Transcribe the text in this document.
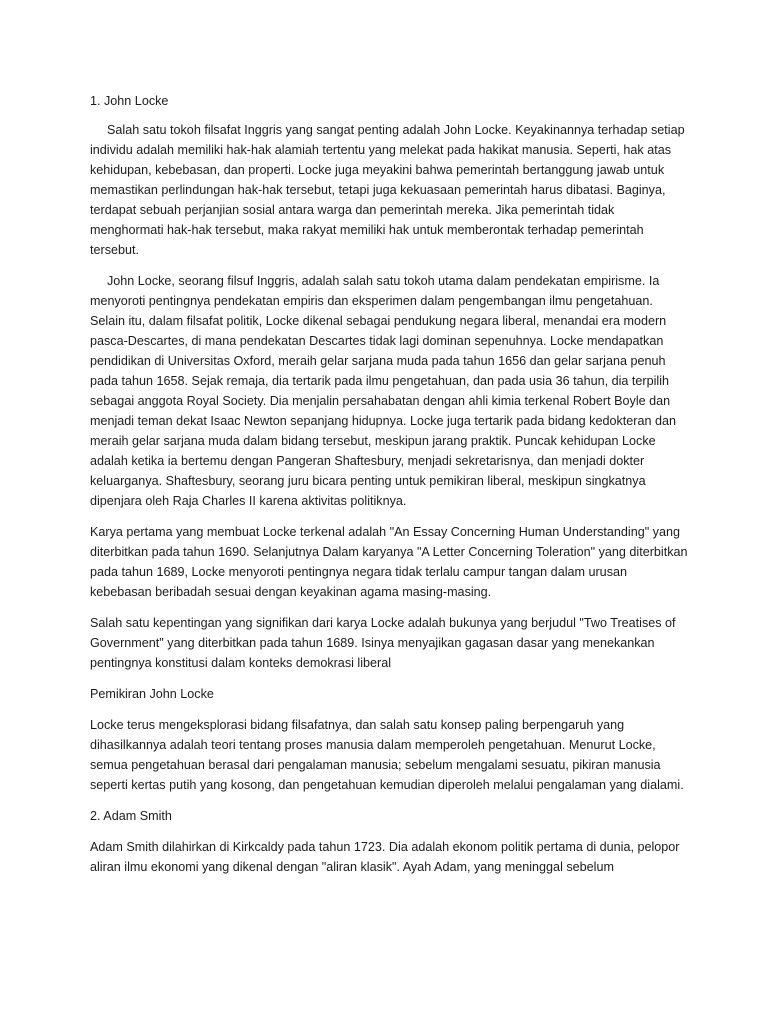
1. John Locke

Salah satu tokoh filsafat Inggris yang sangat penting adalah John Locke. Keyakinannya terhadap setiap individu adalah memiliki hak-hak alamiah tertentu yang melekat pada hakikat manusia. Seperti, hak atas kehidupan, kebebasan, dan properti. Locke juga meyakini bahwa pemerintah bertanggung jawab untuk memastikan perlindungan hak-hak tersebut, tetapi juga kekuasaan pemerintah harus dibatasi. Baginya, terdapat sebuah perjanjian sosial antara warga dan pemerintah mereka. Jika pemerintah tidak menghormati hak-hak tersebut, maka rakyat memiliki hak untuk memberontak terhadap pemerintah tersebut.

John Locke, seorang filsuf Inggris, adalah salah satu tokoh utama dalam pendekatan empirisme. Ia menyoroti pentingnya pendekatan empiris dan eksperimen dalam pengembangan ilmu pengetahuan. Selain itu, dalam filsafat politik, Locke dikenal sebagai pendukung negara liberal, menandai era modern pasca-Descartes, di mana pendekatan Descartes tidak lagi dominan sepenuhnya. Locke mendapatkan pendidikan di Universitas Oxford, meraih gelar sarjana muda pada tahun 1656 dan gelar sarjana penuh pada tahun 1658. Sejak remaja, dia tertarik pada ilmu pengetahuan, dan pada usia 36 tahun, dia terpilih sebagai anggota Royal Society. Dia menjalin persahabatan dengan ahli kimia terkenal Robert Boyle dan menjadi teman dekat Isaac Newton sepanjang hidupnya. Locke juga tertarik pada bidang kedokteran dan meraih gelar sarjana muda dalam bidang tersebut, meskipun jarang praktik. Puncak kehidupan Locke adalah ketika ia bertemu dengan Pangeran Shaftesbury, menjadi sekretarisnya, dan menjadi dokter keluarganya. Shaftesbury, seorang juru bicara penting untuk pemikiran liberal, meskipun singkatnya dipenjara oleh Raja Charles II karena aktivitas politiknya.

Karya pertama yang membuat Locke terkenal adalah "An Essay Concerning Human Understanding" yang diterbitkan pada tahun 1690. Selanjutnya Dalam karyanya "A Letter Concerning Toleration" yang diterbitkan pada tahun 1689, Locke menyoroti pentingnya negara tidak terlalu campur tangan dalam urusan kebebasan beribadah sesuai dengan keyakinan agama masing-masing.

Salah satu kepentingan yang signifikan dari karya Locke adalah bukunya yang berjudul "Two Treatises of Government" yang diterbitkan pada tahun 1689. Isinya menyajikan gagasan dasar yang menekankan pentingnya konstitusi dalam konteks demokrasi liberal

Pemikiran John Locke

Locke terus mengeksplorasi bidang filsafatnya, dan salah satu konsep paling berpengaruh yang dihasilkannya adalah teori tentang proses manusia dalam memperoleh pengetahuan. Menurut Locke, semua pengetahuan berasal dari pengalaman manusia; sebelum mengalami sesuatu, pikiran manusia seperti kertas putih yang kosong, dan pengetahuan kemudian diperoleh melalui pengalaman yang dialami.

2. Adam Smith

Adam Smith dilahirkan di Kirkcaldy pada tahun 1723. Dia adalah ekonom politik pertama di dunia, pelopor aliran ilmu ekonomi yang dikenal dengan "aliran klasik". Ayah Adam, yang meninggal sebelum
